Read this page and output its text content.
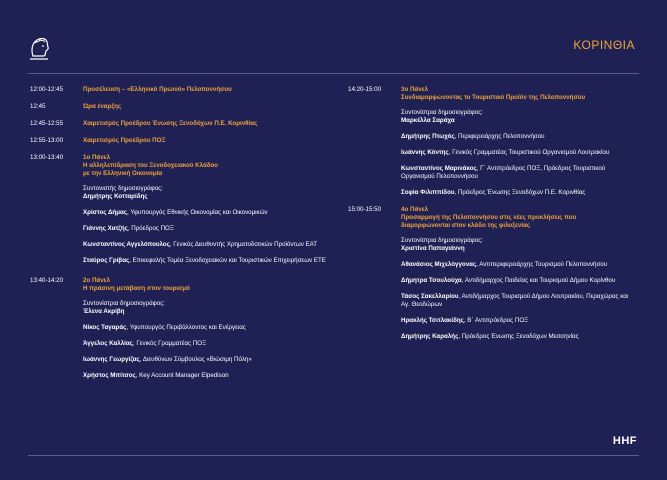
ΚΟΡΙΝΘΙΑ
12:00-12:45	Προσέλευση – «Ελληνικό Πρωινό» Πελοποννήσου
12:45	Ώρα έναρξης
12:45-12:55	Χαιρετισμός Προέδρου Ένωσης Ξενοδόχων Π.Ε. Κορινθίας
12:55-13:00	Χαιρετισμός Προέδρου ΠΟΞ
13:00-13:40	1ο Πάνελ
Η αλληλεπίδραση του Ξενοδοχειακού Κλάδου
με την Ελληνική Οικονομία
Συντονιστής δημοσιογράφος:
Δημήτρης Κοτταρίδης
Χρίστος Δήμας, Υφυπουργός Εθνικής Οικονομίας και Οικονομικών
Γιάννης Χατζής, Πρόεδρος ΠΟΞ
Κωνσταντίνος Αγγελόπουλος, Γενικός Διευθυντής Χρηματοδοτικών Προϊόντων ΕΑΤ
Σταύρος Γρίβας, Επικεφαλής Τομέα Ξενοδοχειακών και Τουριστικών Επιχειρήσεων ΕΤΕ
13:40-14:20	2ο Πάνελ
Η πράσινη μετάβαση στον τουρισμό
Συντονίστρια δημοσιογράφος:
Έλενα Ακρίβη
Νίκος Ταγαράς, Υφυπουργός Περιβάλλοντος και Ενέργειας
Άγγελος Καλλίας, Γενικός Γραμματέας ΠΟΞ
Ιωάννης Γεωργίζας, Διευθύνων Σύμβουλος «Βιώσιμη Πόλη»
Χρήστος Μπίτσος, Key Account Manager Elpedison
14:20-15:00	3ο Πάνελ
Συνδιαμορφώνοντας το Τουριστικό Προϊόν της Πελοποννήσου
Συντονίστρια δημοσιογράφος:
Μαρκέλλα Σαράχα
Δημήτρης Πτωχός, Περιφερειάρχης Πελοποννήσου
Ιωάννης Κόντης, Γενικός Γραμματέας Τουριστικού Οργανισμού Λουτρακίου
Κωνσταντίνος Μαρινάκος, Γ΄ Αντιπρόεδρος ΠΟΞ, Πρόεδρος Τουριστικού Οργανισμού Πελοποννήσου
Σοφία Φιλιππίδου, Πρόεδρος Ένωσης Ξενοδόχων Π.Ε. Κορινθίας
15:00-15:50	4ο Πάνελ
Προσαρμογή της Πελοποννήσου στις νέες προκλήσεις που
διαμορφώνονται στον κλάδο της φιλοξενίας
Συντονίστρια δημοσιογράφος:
Χριστίνα Παπαγιάννη
Αθανάσιος Μιχελόγγονας, Αντιπεριφερειάρχης Τουρισμού Πελοποννήσου
Δήμητρα Τσουλούχα, Αντιδήμαρχος Παιδείας και Τουρισμού Δήμου Κορίνθου
Τάσος Σακελλαρίου, Αντιδήμαρχος Τουρισμού Δήμου Λουτρακίου, Περαχώρας και Αγ. Θεοδώρων
Ηρακλής Τσιτλακίδης, Β΄ Αντιπρόεδρος ΠΟΞ
Δημήτρης Καραλής, Πρόεδρος Ένωσης Ξενοδόχων Μεσσηνίας
HHF
